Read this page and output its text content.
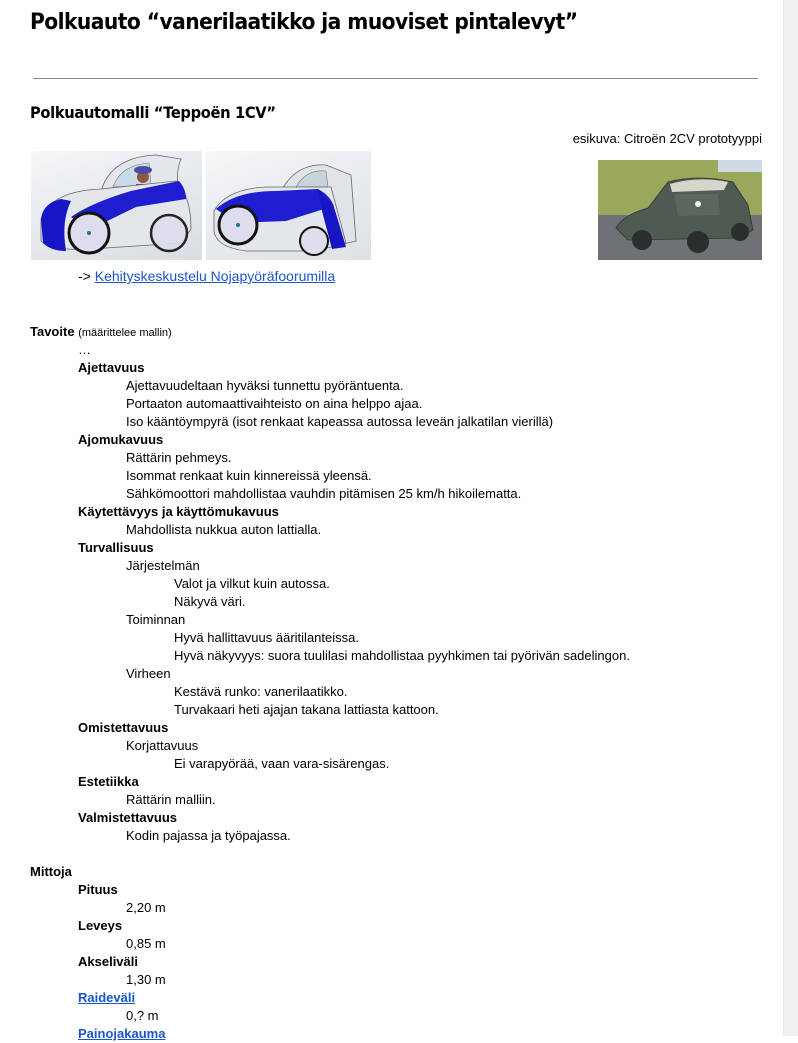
Polkuauto “vanerilaatikko ja muoviset pintalevyt”
Polkuautomalli “Teppoën 1CV”
esikuva: Citroën 2CV prototyyppi
-> Kehityskeskustelu Nojapyöräfoorumilla
Tavoite (määrittelee mallin)
…
Ajettavuus
Ajettavuudeltaan hyväksi tunnettu pyöräntuenta.
Portaaton automaattivaihteisto on aina helppo ajaa.
Iso kääntöympyrä (isot renkaat kapeassa autossa leveän jalkatilan vierillä)
Ajomukavuus
Rättärin pehmeys.
Isommat renkaat kuin kinnereissä yleensä.
Sähkömoottori mahdollistaa vauhdin pitämisen 25 km/h hikoilematta.
Käytettävyys ja käyttömukavuus
Mahdollista nukkua auton lattialla.
Turvallisuus
Järjestelmän
Valot ja vilkut kuin autossa.
Näkyvä väri.
Toiminnan
Hyvä hallittavuus ääritilanteissa.
Hyvä näkyvyys: suora tuulilasi mahdollistaa pyyhkimen tai pyörivän sadelingon.
Virheen
Kestävä runko: vanerilaatikko.
Turvakaari heti ajajan takana lattiasta kattoon.
Omistettavuus
Korjattavuus
Ei varapyörää, vaan vara-sisärengas.
Estetiikka
Rättärin malliin.
Valmistettavuus
Kodin pajassa ja työpajassa.
Mittoja
Pituus
2,20 m
Leveys
0,85 m
Akseliväli
1,30 m
Raideväli
0,? m
Painojakauma
